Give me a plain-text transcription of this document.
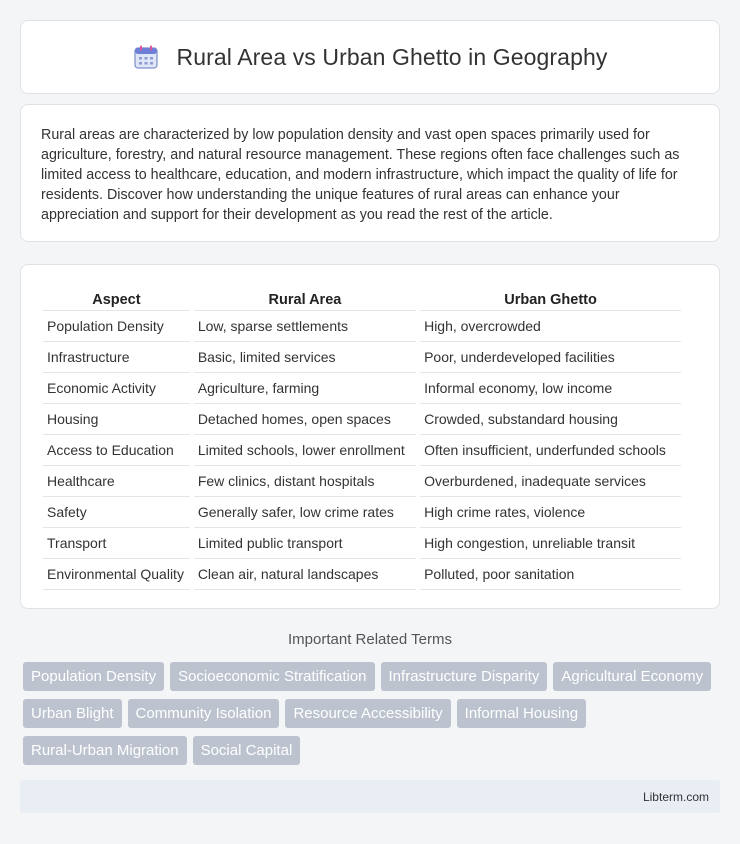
Rural Area vs Urban Ghetto in Geography

Rural areas are characterized by low population density and vast open spaces primarily used for agriculture, forestry, and natural resource management. These regions often face challenges such as limited access to healthcare, education, and modern infrastructure, which impact the quality of life for residents. Discover how understanding the unique features of rural areas can enhance your appreciation and support for their development as you read the rest of the article.

Aspect	Rural Area	Urban Ghetto
Population Density	Low, sparse settlements	High, overcrowded
Infrastructure	Basic, limited services	Poor, underdeveloped facilities
Economic Activity	Agriculture, farming	Informal economy, low income
Housing	Detached homes, open spaces	Crowded, substandard housing
Access to Education	Limited schools, lower enrollment	Often insufficient, underfunded schools
Healthcare	Few clinics, distant hospitals	Overburdened, inadequate services
Safety	Generally safer, low crime rates	High crime rates, violence
Transport	Limited public transport	High congestion, unreliable transit
Environmental Quality	Clean air, natural landscapes	Polluted, poor sanitation
Important Related Terms
Population Density	Socioeconomic Stratification	Infrastructure Disparity	Agricultural Economy
Urban Blight	Community Isolation	Resource Accessibility	Informal Housing
Rural-Urban Migration	Social Capital
Libterm.com
